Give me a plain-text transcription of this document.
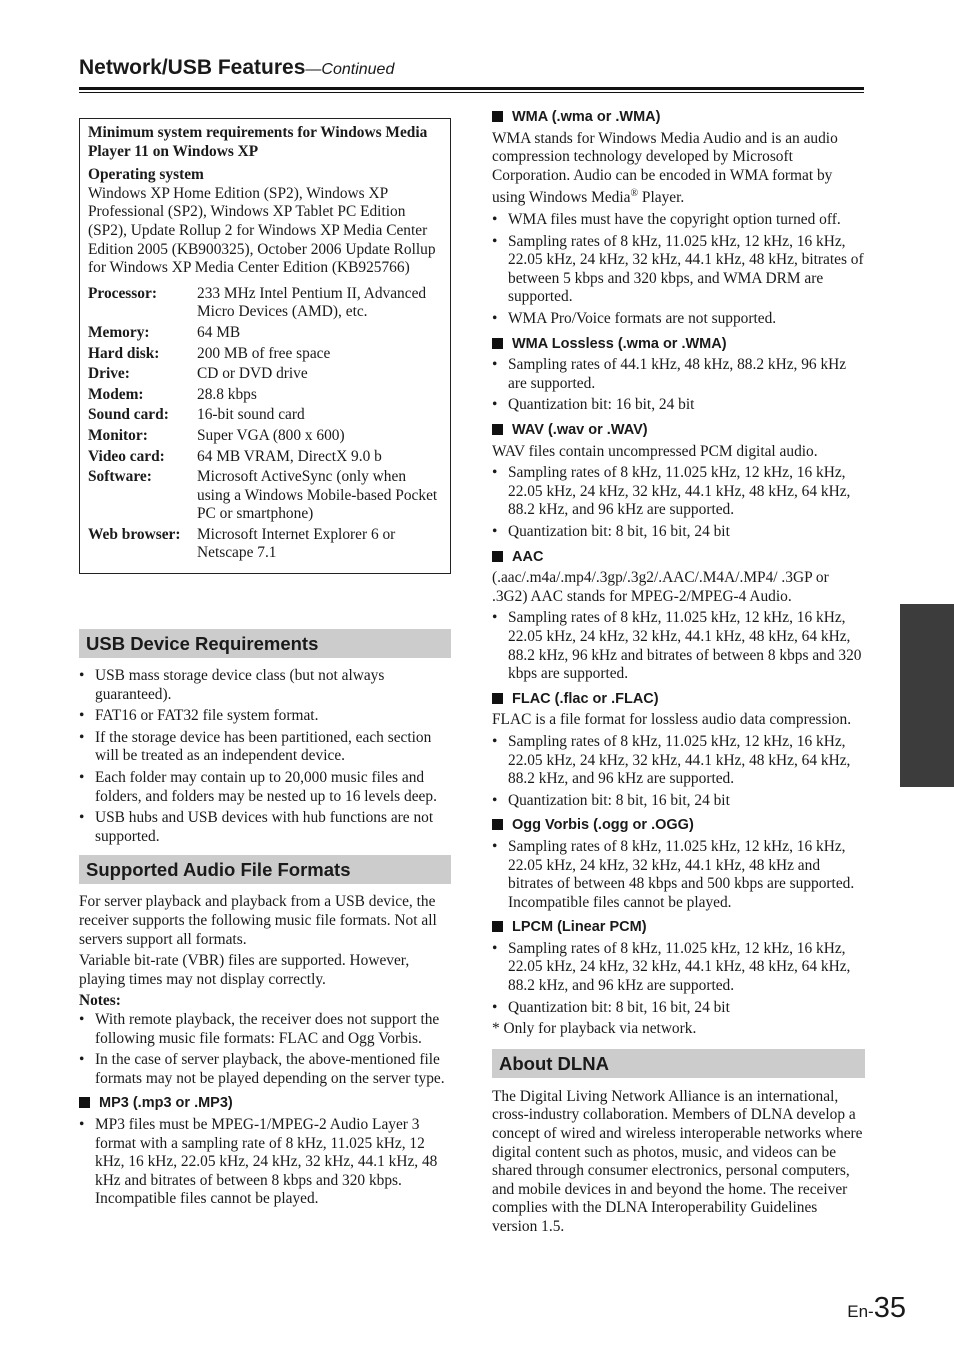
Network/USB Features—Continued
Minimum system requirements for Windows Media Player 11 on Windows XP
Operating system
Windows XP Home Edition (SP2), Windows XP Professional (SP2), Windows XP Tablet PC Edition (SP2), Update Rollup 2 for Windows XP Media Center Edition 2005 (KB900325), October 2006 Update Rollup for Windows XP Media Center Edition (KB925766)
Processor:	233 MHz Intel Pentium II, Advanced Micro Devices (AMD), etc.
Memory:	64 MB
Hard disk:	200 MB of free space
Drive:	CD or DVD drive
Modem:	28.8 kbps
Sound card:	16-bit sound card
Monitor:	Super VGA (800 x 600)
Video card:	64 MB VRAM, DirectX 9.0 b
Software:	Microsoft ActiveSync (only when using a Windows Mobile-based Pocket PC or smartphone)
Web browser:	Microsoft Internet Explorer 6 or Netscape 7.1
USB Device Requirements
• USB mass storage device class (but not always guaranteed).
• FAT16 or FAT32 file system format.
• If the storage device has been partitioned, each section will be treated as an independent device.
• Each folder may contain up to 20,000 music files and folders, and folders may be nested up to 16 levels deep.
• USB hubs and USB devices with hub functions are not supported.
Supported Audio File Formats

For server playback and playback from a USB device, the receiver supports the following music file formats. Not all servers support all formats.

Variable bit-rate (VBR) files are supported. However, playing times may not display correctly.

Notes:
• With remote playback, the receiver does not support the following music file formats: FLAC and Ogg Vorbis.
• In the case of server playback, the above-mentioned file formats may not be played depending on the server type.
MP3 (.mp3 or .MP3)
• MP3 files must be MPEG-1/MPEG-2 Audio Layer 3 format with a sampling rate of 8 kHz, 11.025 kHz, 12 kHz, 16 kHz, 22.05 kHz, 24 kHz, 32 kHz, 44.1 kHz, 48 kHz and bitrates of between 8 kbps and 320 kbps. Incompatible files cannot be played.
WMA (.wma or .WMA)

WMA stands for Windows Media Audio and is an audio compression technology developed by Microsoft Corporation. Audio can be encoded in WMA format by using Windows Media® Player.

• WMA files must have the copyright option turned off.
• Sampling rates of 8 kHz, 11.025 kHz, 12 kHz, 16 kHz, 22.05 kHz, 24 kHz, 32 kHz, 44.1 kHz, 48 kHz, bitrates of between 5 kbps and 320 kbps, and WMA DRM are supported.
• WMA Pro/Voice formats are not supported.
WMA Lossless (.wma or .WMA)
• Sampling rates of 44.1 kHz, 48 kHz, 88.2 kHz, 96 kHz are supported.
• Quantization bit: 16 bit, 24 bit
WAV (.wav or .WAV)

WAV files contain uncompressed PCM digital audio.

• Sampling rates of 8 kHz, 11.025 kHz, 12 kHz, 16 kHz, 22.05 kHz, 24 kHz, 32 kHz, 44.1 kHz, 48 kHz, 64 kHz, 88.2 kHz, and 96 kHz are supported.
• Quantization bit: 8 bit, 16 bit, 24 bit
AAC

(.aac/.m4a/.mp4/.3gp/.3g2/.AAC/.M4A/.MP4/ .3GP or .3G2) AAC stands for MPEG-2/MPEG-4 Audio.

• Sampling rates of 8 kHz, 11.025 kHz, 12 kHz, 16 kHz, 22.05 kHz, 24 kHz, 32 kHz, 44.1 kHz, 48 kHz, 64 kHz, 88.2 kHz, 96 kHz and bitrates of between 8 kbps and 320 kbps are supported.
FLAC (.flac or .FLAC)

FLAC is a file format for lossless audio data compression.

• Sampling rates of 8 kHz, 11.025 kHz, 12 kHz, 16 kHz, 22.05 kHz, 24 kHz, 32 kHz, 44.1 kHz, 48 kHz, 64 kHz, 88.2 kHz, and 96 kHz are supported.
• Quantization bit: 8 bit, 16 bit, 24 bit
Ogg Vorbis (.ogg or .OGG)
• Sampling rates of 8 kHz, 11.025 kHz, 12 kHz, 16 kHz, 22.05 kHz, 24 kHz, 32 kHz, 44.1 kHz, 48 kHz and bitrates of between 48 kbps and 500 kbps are supported. Incompatible files cannot be played.
LPCM (Linear PCM)
• Sampling rates of 8 kHz, 11.025 kHz, 12 kHz, 16 kHz, 22.05 kHz, 24 kHz, 32 kHz, 44.1 kHz, 48 kHz, 64 kHz, 88.2 kHz, and 96 kHz are supported.
• Quantization bit: 8 bit, 16 bit, 24 bit

* Only for playback via network.

About DLNA

The Digital Living Network Alliance is an international, cross-industry collaboration. Members of DLNA develop a concept of wired and wireless interoperable networks where digital content such as photos, music, and videos can be shared through consumer electronics, personal computers, and mobile devices in and beyond the home. The receiver complies with the DLNA Interoperability Guidelines version 1.5.

En-35
